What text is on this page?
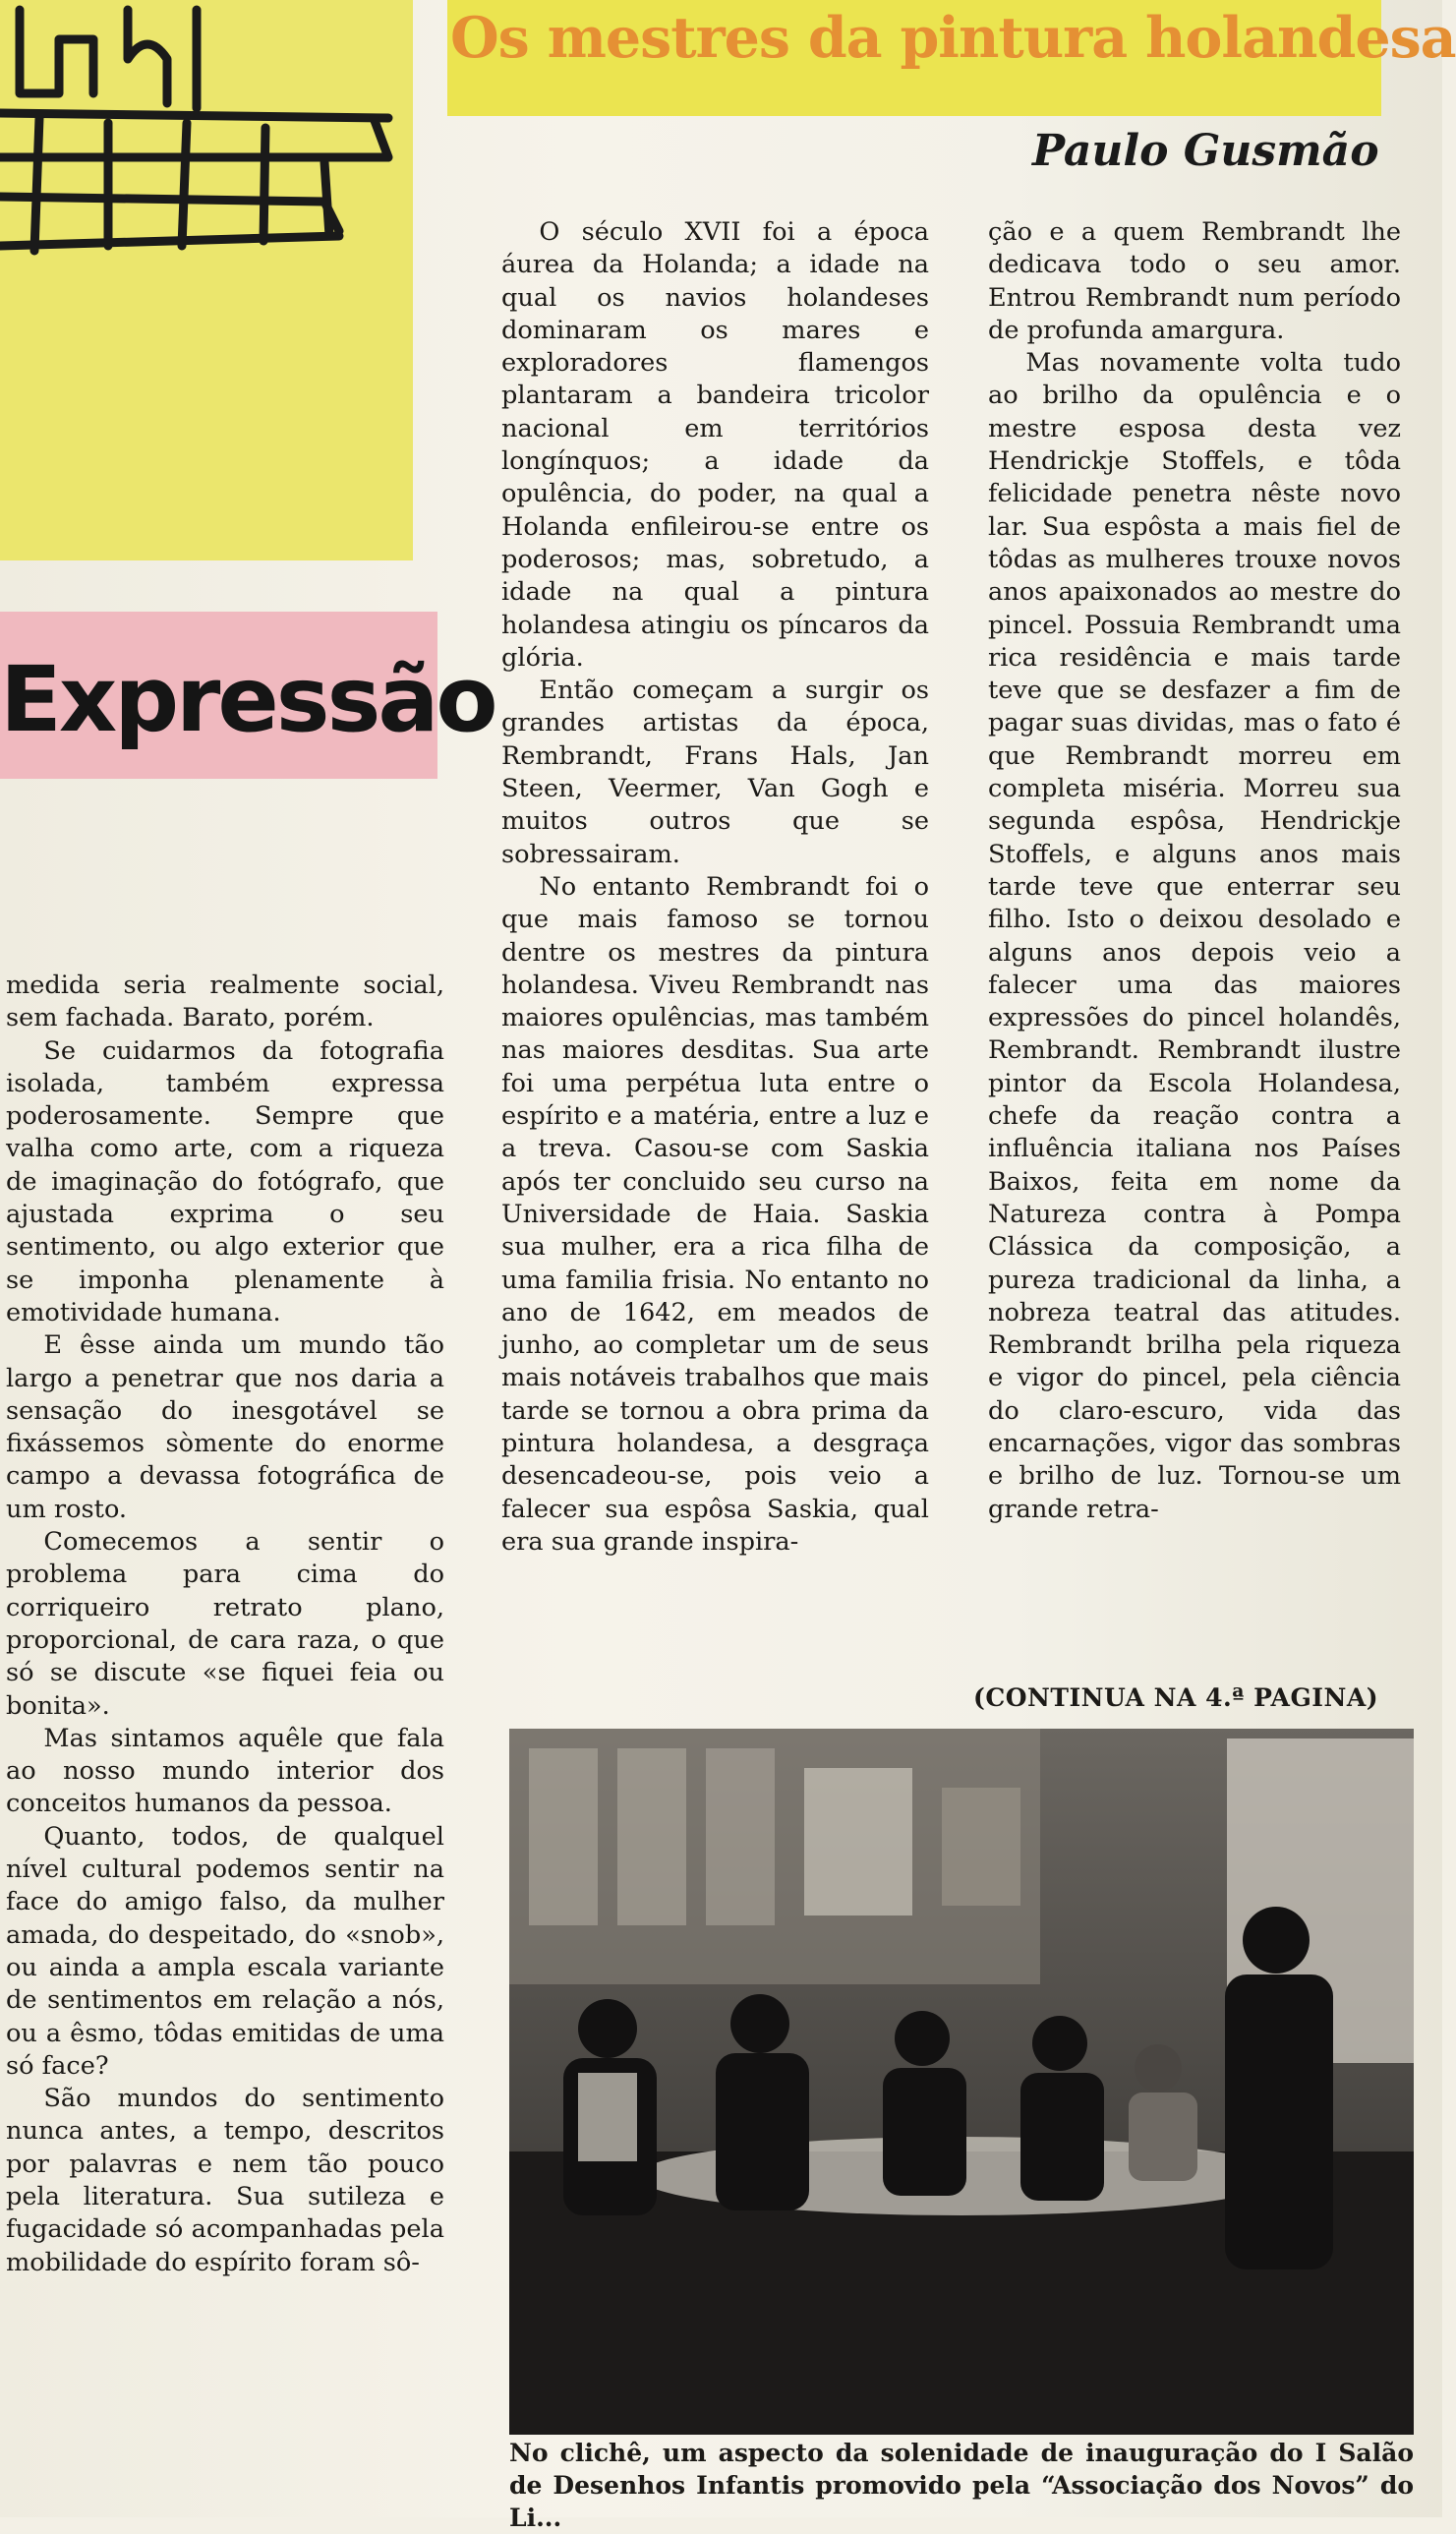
Expressão
Os mestres da pintura holandesa
Paulo Gusmão

medida seria realmente social, sem fachada. Barato, porém.

Se cuidarmos da fotografia isolada, também expressa poderosamente. Sempre que valha como arte, com a riqueza de imaginação do fotógrafo, que ajustada exprima o seu sentimento, ou algo exterior que se imponha plenamente à emotividade humana.

E êsse ainda um mundo tão largo a penetrar que nos daria a sensação do inesgotável se fixássemos sòmente do enorme campo a devassa fotográfica de um rosto.

Comecemos a sentir o problema para cima do corriqueiro retrato plano, proporcional, de cara raza, o que só se discute «se fiquei feia ou bonita».

Mas sintamos aquêle que fala ao nosso mundo interior dos conceitos humanos da pessoa.

Quanto, todos, de qualquel nível cultural podemos sentir na face do amigo falso, da mulher amada, do despeitado, do «snob», ou ainda a ampla escala variante de sentimentos em relação a nós, ou a êsmo, tôdas emitidas de uma só face?

São mundos do sentimento nunca antes, a tempo, descritos por palavras e nem tão pouco pela literatura. Sua sutileza e fugacidade só acompanhadas pela mobilidade do espírito foram sô-

O século XVII foi a época áurea da Holanda; a idade na qual os navios holandeses dominaram os mares e exploradores flamengos plantaram a bandeira tricolor nacional em territórios longínquos; a idade da opulência, do poder, na qual a Holanda enfileirou-se entre os poderosos; mas, sobretudo, a idade na qual a pintura holandesa atingiu os píncaros da glória.

Então começam a surgir os grandes artistas da época, Rembrandt, Frans Hals, Jan Steen, Veermer, Van Gogh e muitos outros que se sobressairam.

No entanto Rembrandt foi o que mais famoso se tornou dentre os mestres da pintura holandesa. Viveu Rembrandt nas maiores opulências, mas também nas maiores desditas. Sua arte foi uma perpétua luta entre o espírito e a matéria, entre a luz e a treva. Casou-se com Saskia após ter concluido seu curso na Universidade de Haia. Saskia sua mulher, era a rica filha de uma familia frisia. No entanto no ano de 1642, em meados de junho, ao completar um de seus mais notáveis trabalhos que mais tarde se tornou a obra prima da pintura holandesa, a desgraça desencadeou-se, pois veio a falecer sua espôsa Saskia, qual era sua grande inspira-

ção e a quem Rembrandt lhe dedicava todo o seu amor. Entrou Rembrandt num período de profunda amargura.

Mas novamente volta tudo ao brilho da opulência e o mestre esposa desta vez Hendrickje Stoffels, e tôda felicidade penetra nêste novo lar. Sua espôsta a mais fiel de tôdas as mulheres trouxe novos anos apaixonados ao mestre do pincel. Possuia Rembrandt uma rica residência e mais tarde teve que se desfazer a fim de pagar suas dividas, mas o fato é que Rembrandt morreu em completa miséria. Morreu sua segunda espôsa, Hendrickje Stoffels, e alguns anos mais tarde teve que enterrar seu filho. Isto o deixou desolado e alguns anos depois veio a falecer uma das maiores expressões do pincel holandês, Rembrandt. Rembrandt ilustre pintor da Escola Holandesa, chefe da reação contra a influência italiana nos Países Baixos, feita em nome da Natureza contra à Pompa Clássica da composição, a pureza tradicional da linha, a nobreza teatral das atitudes. Rembrandt brilha pela riqueza e vigor do pincel, pela ciência do claro-escuro, vida das encarnações, vigor das sombras e brilho de luz. Tornou-se um grande retra-

(CONTINUA NA 4.ª PAGINA)
No clichê, um aspecto da solenidade de inauguração do I Salão de Desenhos Infantis promovido pela “Associação dos Novos” do Li...
